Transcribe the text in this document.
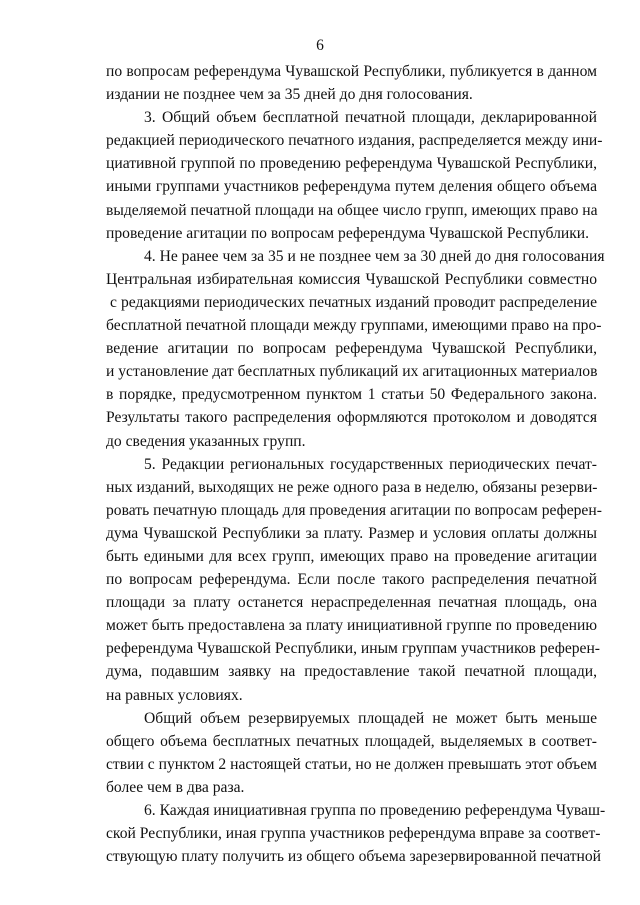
6
по вопросам референдума Чувашской Республики, публикуется в данном
издании не позднее чем за 35 дней до дня голосования.
3. Общий объем бесплатной печатной площади, декларированной
редакцией периодического печатного издания, распределяется между ини-
циативной группой по проведению референдума Чувашской Республики,
иными группами участников референдума путем деления общего объема
выделяемой печатной площади на общее число групп, имеющих право на
проведение агитации по вопросам референдума Чувашской Республики.
4. Не ранее чем за 35 и не позднее чем за 30 дней до дня голосования
Центральная избирательная комиссия Чувашской Республики совместно
с редакциями периодических печатных изданий проводит распределение
бесплатной печатной площади между группами, имеющими право на про-
ведение агитации по вопросам референдума Чувашской Республики,
и установление дат бесплатных публикаций их агитационных материалов
в порядке, предусмотренном пунктом 1 статьи 50 Федерального закона.
Результаты такого распределения оформляются протоколом и доводятся
до сведения указанных групп.
5. Редакции региональных государственных периодических печат-
ных изданий, выходящих не реже одного раза в неделю, обязаны резерви-
ровать печатную площадь для проведения агитации по вопросам референ-
дума Чувашской Республики за плату. Размер и условия оплаты должны
быть едиными для всех групп, имеющих право на проведение агитации
по вопросам референдума. Если после такого распределения печатной
площади за плату останется нераспределенная печатная площадь, она
может быть предоставлена за плату инициативной группе по проведению
референдума Чувашской Республики, иным группам участников референ-
дума, подавшим заявку на предоставление такой печатной площади,
на равных условиях.
Общий объем резервируемых площадей не может быть меньше
общего объема бесплатных печатных площадей, выделяемых в соответ-
ствии с пунктом 2 настоящей статьи, но не должен превышать этот объем
более чем в два раза.
6. Каждая инициативная группа по проведению референдума Чуваш-
ской Республики, иная группа участников референдума вправе за соответ-
ствующую плату получить из общего объема зарезервированной печатной
